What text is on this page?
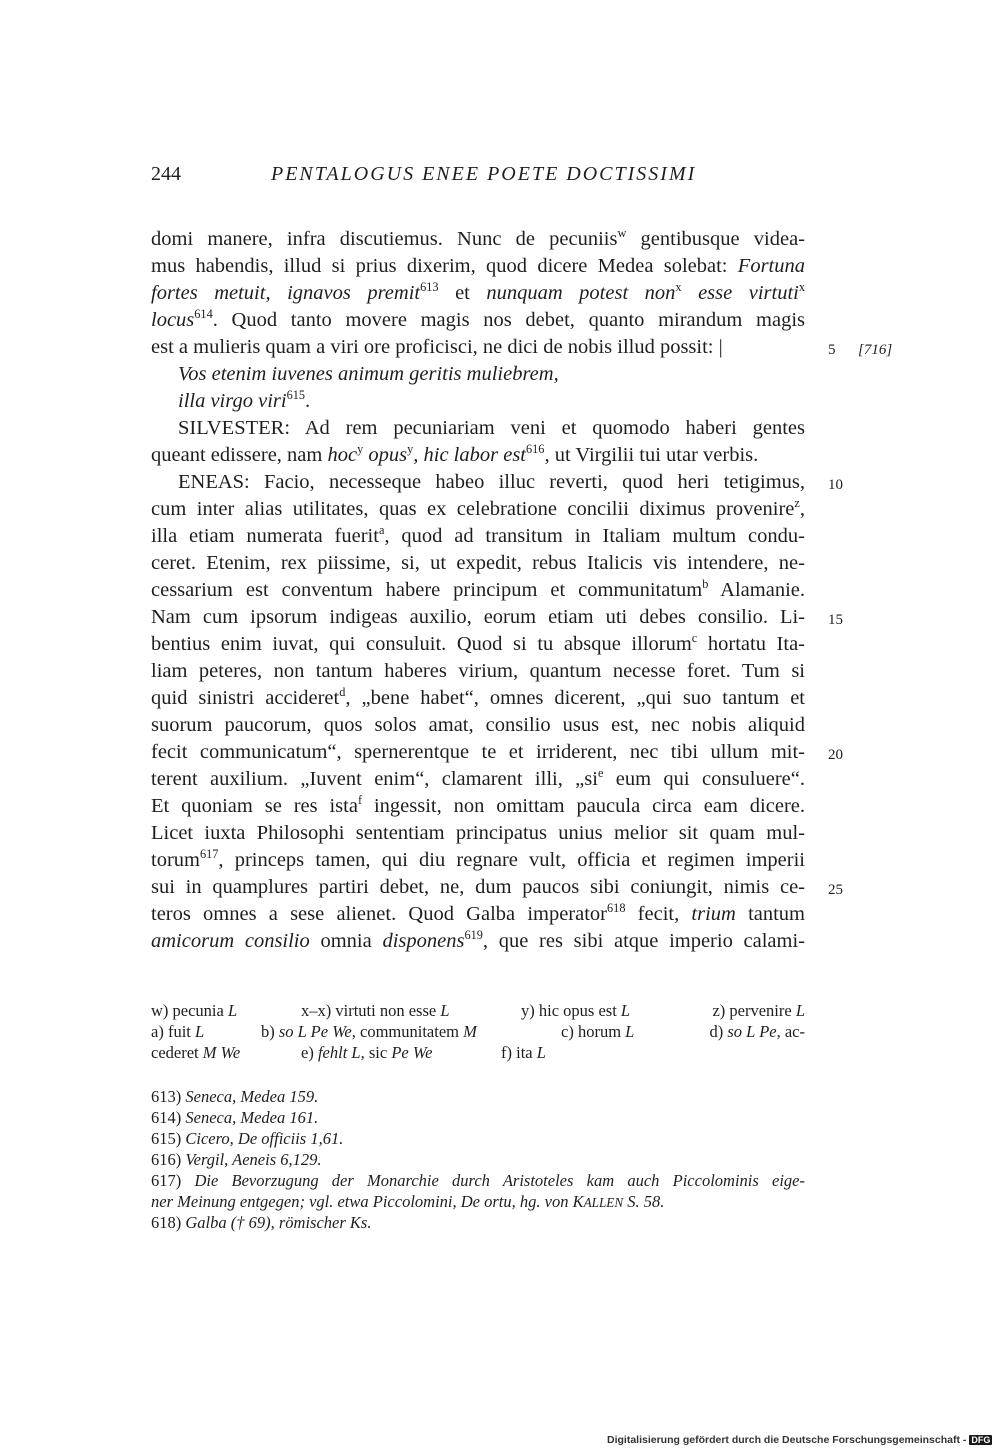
244	PENTALOGUS ENEE POETE DOCTISSIMI
domi manere, infra discutiemus. Nunc de pecuniis$^w$ gentibusque videa-
mus habendis, illud si prius dixerim, quod dicere Medea solebat: Fortuna
fortes metuit, ignavos premit$^{613}$ et nunquam potest non$^x$ esse virtuti$^x$
locus$^{614}$. Quod tanto movere magis nos debet, quanto mirandum magis
est a mulieris quam a viri ore proficisci, ne dici de nobis illud possit: |
Vos etenim iuvenes animum geritis muliebrem,
illa virgo viri$^{615}$.
SILVESTER: Ad rem pecuniariam veni et quomodo haberi gentes
queant edissere, nam hoc$^y$ opus$^y$, hic labor est$^{616}$, ut Virgilii tui utar verbis.
ENEAS: Facio, necesseque habeo illuc reverti, quod heri tetigimus,
cum inter alias utilitates, quas ex celebratione concilii diximus provenire$^z$,
illa etiam numerata fuerit$^a$, quod ad transitum in Italiam multum condu-
ceret. Etenim, rex piissime, si, ut expedit, rebus Italicis vis intendere, ne-
cessarium est conventum habere principum et communitatum$^b$ Alamanie.
Nam cum ipsorum indigeas auxilio, eorum etiam uti debes consilio. Li-
bentius enim iuvat, qui consuluit. Quod si tu absque illorum$^c$ hortatu Ita-
liam peteres, non tantum haberes virium, quantum necesse foret. Tum si
quid sinistri accideret$^d$, „bene habet“, omnes dicerent, „qui suo tantum et
suorum paucorum, quos solos amat, consilio usus est, nec nobis aliquid
fecit communicatum“, spernerentque te et irriderent, nec tibi ullum mit-
terent auxilium. „Iuvent enim“, clamarent illi, $„si^e$ eum qui consuluere“.
Et quoniam se res ista$^f$ ingessit, non omittam paucula circa eam dicere.
Licet iuxta Philosophi sententiam principatus unius melior sit quam mul-
torum$^{617}$, princeps tamen, qui diu regnare vult, officia et regimen imperii
sui in quamplures partiri debet, ne, dum paucos sibi coniungit, nimis ce-
teros omnes a sese alienet. Quod Galba imperator$^{618}$ fecit, trium tantum
amicorum consilio omnia disponens$^{619}$, que res sibi atque imperio calami-
5 [716]
10
15
20
25
w) pecunia L	x–x) virtuti non esse L	y) hic opus est L	z) pervenire L
a) fuit L	b) so L Pe We, communitatem M	c) horum L	d) so L Pe, ac-
cederet M We	e) fehlt L, sic Pe We	f) ita L
613) Seneca, Medea 159.
614) Seneca, Medea 161.
615) Cicero, De officiis 1,61.
616) Vergil, Aeneis 6,129.
617) Die Bevorzugung der Monarchie durch Aristoteles kam auch Piccolominis eige-
ner Meinung entgegen; vgl. etwa Piccolomini, De ortu, hg. von KALLEN S. 58.
618) Galba († 69), römischer Ks.
Digitalisierung gefördert durch die Deutsche Forschungsgemeinschaft - DFG
